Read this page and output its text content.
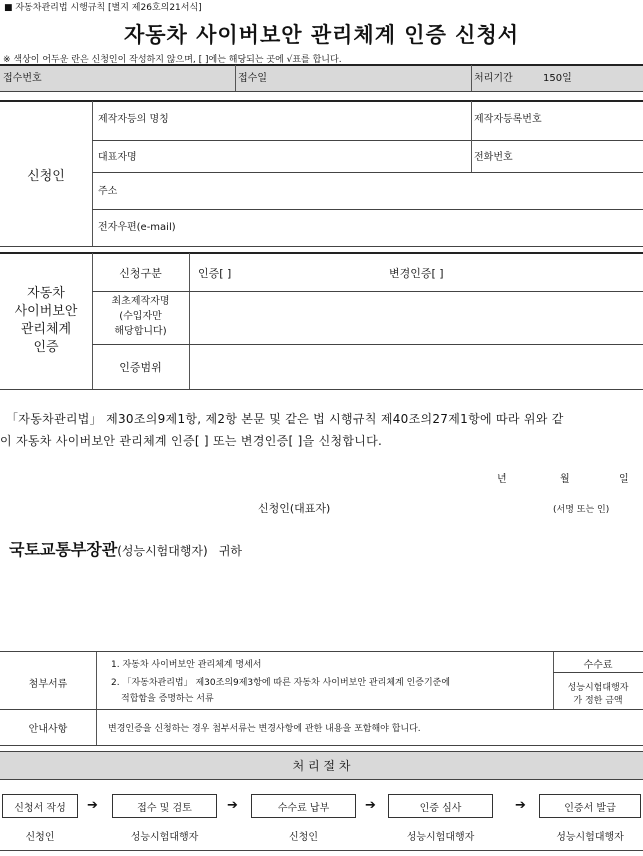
■ 자동차관리법 시행규칙 [별지 제26호의21서식]
자동차 사이버보안 관리체계 인증 신청서
※ 색상이 어두운 란은 신청인이 작성하지 않으며, [ ]에는 해당되는 곳에 √표를 합니다.
접수번호	접수일	처리기간	150일
신청인
제작자등의 명칭	제작자등록번호
대표자명	전화번호
주소
전자우편(e-mail)
자동차
사이버보안
관리체계
인증
신청구분	인증[ ]	변경인증[ ]
최초제작자명
(수입자만
해당합니다)
인증범위
「자동차관리법」 제30조의9제1항, 제2항 본문 및 같은 법 시행규칙 제40조의27제1항에 따라 위와 같
이 자동차 사이버보안 관리체계 인증[ ] 또는 변경인증[ ]을 신청합니다.
년	월	일
신청인(대표자)	(서명 또는 인)
국토교통부장관(성능시험대행자) 귀하
첨부서류
1. 자동차 사이버보안 관리체계 명세서
2. 「자동차관리법」 제30조의9제3항에 따른 자동차 사이버보안 관리체계 인증기준에
적합함을 증명하는 서류
수수료
성능시험대행자
가 정한 금액
안내사항	변경인증을 신청하는 경우 첨부서류는 변경사항에 관한 내용을 포함해야 합니다.
처 리 절 차
신청서 작성	➔	접수 및 검토	➔	수수료 납부	➔	인증 심사	➔	인증서 발급
신청인	성능시험대행자	신청인	성능시험대행자	성능시험대행자
